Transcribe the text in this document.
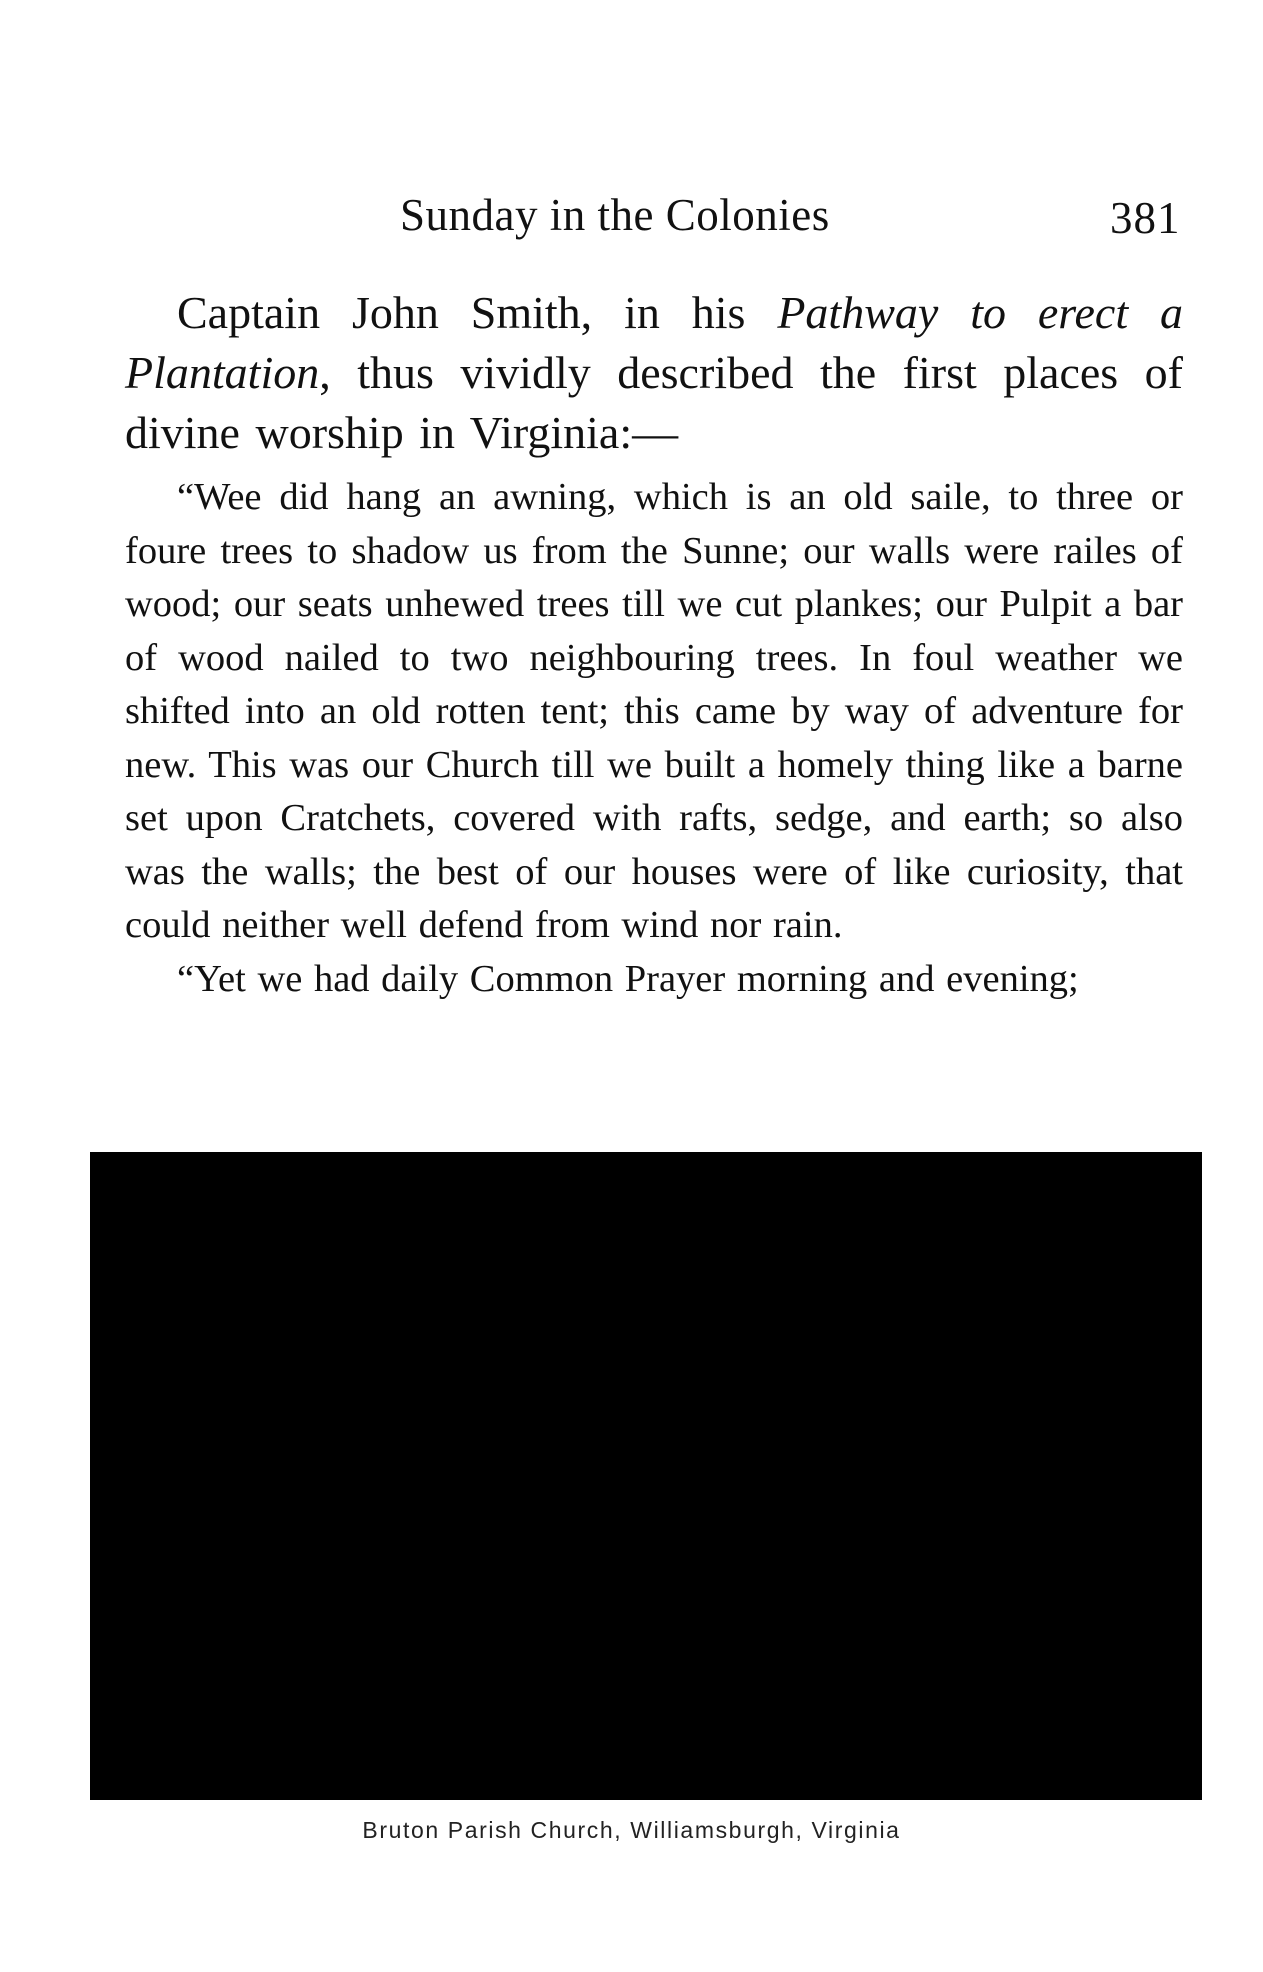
Sunday in the Colonies	381

Captain John Smith, in his Pathway to erect a Plantation, thus vividly described the first places of divine worship in Virginia:—

“Wee did hang an awning, which is an old saile, to three or foure trees to shadow us from the Sunne; our walls were railes of wood; our seats unhewed trees till we cut plankes; our Pulpit a bar of wood nailed to two neighbouring trees. In foul weather we shifted into an old rotten tent; this came by way of adventure for new. This was our Church till we built a homely thing like a barne set upon Cratchets, covered with rafts, sedge, and earth; so also was the walls; the best of our houses were of like curiosity, that could neither well defend from wind nor rain.

“Yet we had daily Common Prayer morning and evening;

Bruton Parish Church, Williamsburgh, Virginia
